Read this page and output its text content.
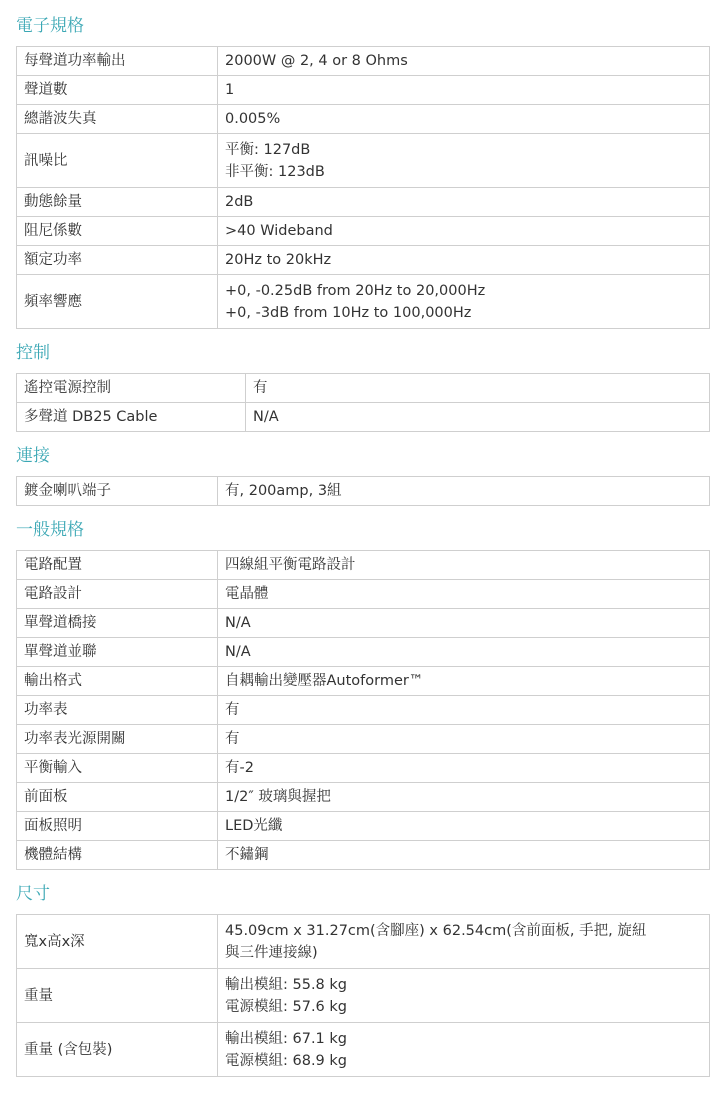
電子規格
每聲道功率輸出	2000W @ 2, 4 or 8 Ohms

聲道數	1

總諧波失真	0.005%

訊噪比	平衡: 127dB
非平衡: 123dB

動態餘量	2dB

阻尼係數	>40 Wideband

額定功率	20Hz to 20kHz

頻率響應	+0, -0.25dB from 20Hz to 20,000Hz
+0, -3dB from 10Hz to 100,000Hz
控制
遙控電源控制	有

多聲道 DB25 Cable	N/A
連接
鍍金喇叭端子	有, 200amp, 3組
一般規格
電路配置	四線組平衡電路設計

電路設計	電晶體

單聲道橋接	N/A

單聲道並聯	N/A

輸出格式	自耦輸出變壓器Autoformer™

功率表	有

功率表光源開關	有

平衡輸入	有-2

前面板	1/2″ 玻璃與握把

面板照明	LED光纖

機體結構	不鏽鋼
尺寸
寬x高x深	45.09cm x 31.27cm(含腳座) x 62.54cm(含前面板, 手把, 旋紐
與三件連接線)

重量	輸出模組: 55.8 kg
電源模組: 57.6 kg

重量 (含包裝)	輸出模組: 67.1 kg
電源模組: 68.9 kg
